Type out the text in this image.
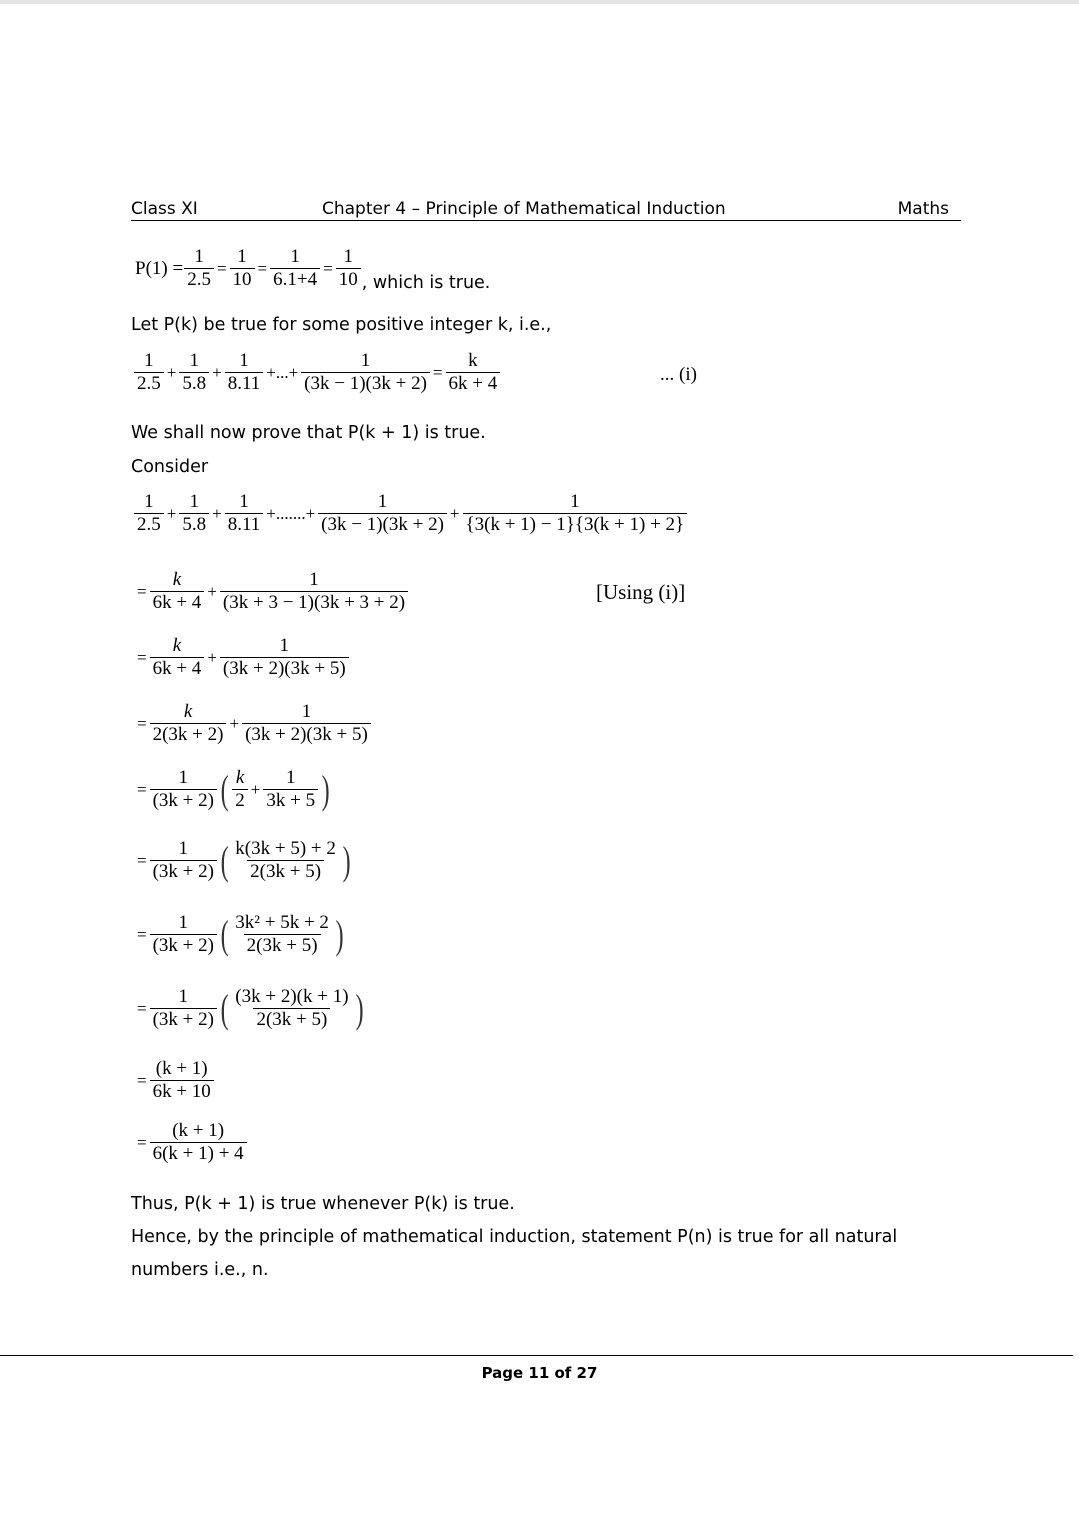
Class XI	Chapter 4 – Principle of Mathematical Induction	Maths
$P(1) = \frac{1}{2.5} = \frac{1}{10} = \frac{1}{6.1+4} = \frac{1}{10}$ , which is true.
Let P(k) be true for some positive integer k, i.e.,
$\frac{1}{2.5} + \frac{1}{5.8} + \frac{1}{8.11}$ +...+ $\frac{1}{(3k - 1)(3k + 2)} = \frac{k}{6k + 4}$	... (i)
We shall now prove that P(k + 1) is true.
Consider
$\frac{1}{2.5} + \frac{1}{5.8} + \frac{1}{8.11}$ +.......+ $\frac{1}{(3k - 1)(3k + 2)} + \frac{1}{\{3(k + 1) - 1\}\{3(k + 1) + 2\}}$
= $\frac{k}{6k + 4} + \frac{1}{(3k + 3 - 1)(3k + 3 + 2)}$	[Using (i)]
= $\frac{k}{6k + 4} + \frac{1}{(3k + 2)(3k + 5)}$
= $\frac{k}{2(3k + 2)} + \frac{1}{(3k + 2)(3k + 5)}$
= $\frac{1}{(3k + 2)}$ ( $\frac{k}{2} + \frac{1}{3k + 5}$ )
= $\frac{1}{(3k + 2)}$ ( $\frac{k(3k + 5) + 2}{2(3k + 5)}$ )
= $\frac{1}{(3k + 2)}$ ( $\frac{\text{3k² + 5k + 2}}{2(3k + 5)}$ )
= $\frac{1}{(3k + 2)}$ ( $\frac{(3k + 2)(k + 1)}{2(3k + 5)}$ )
= $\frac{(k + 1)}{6k + 10}$
= $\frac{(k + 1)}{6(k + 1) + 4}$
Thus, P(k + 1) is true whenever P(k) is true.
Hence, by the principle of mathematical induction, statement P(n) is true for all natural
numbers i.e., n.
Page 11 of 27
